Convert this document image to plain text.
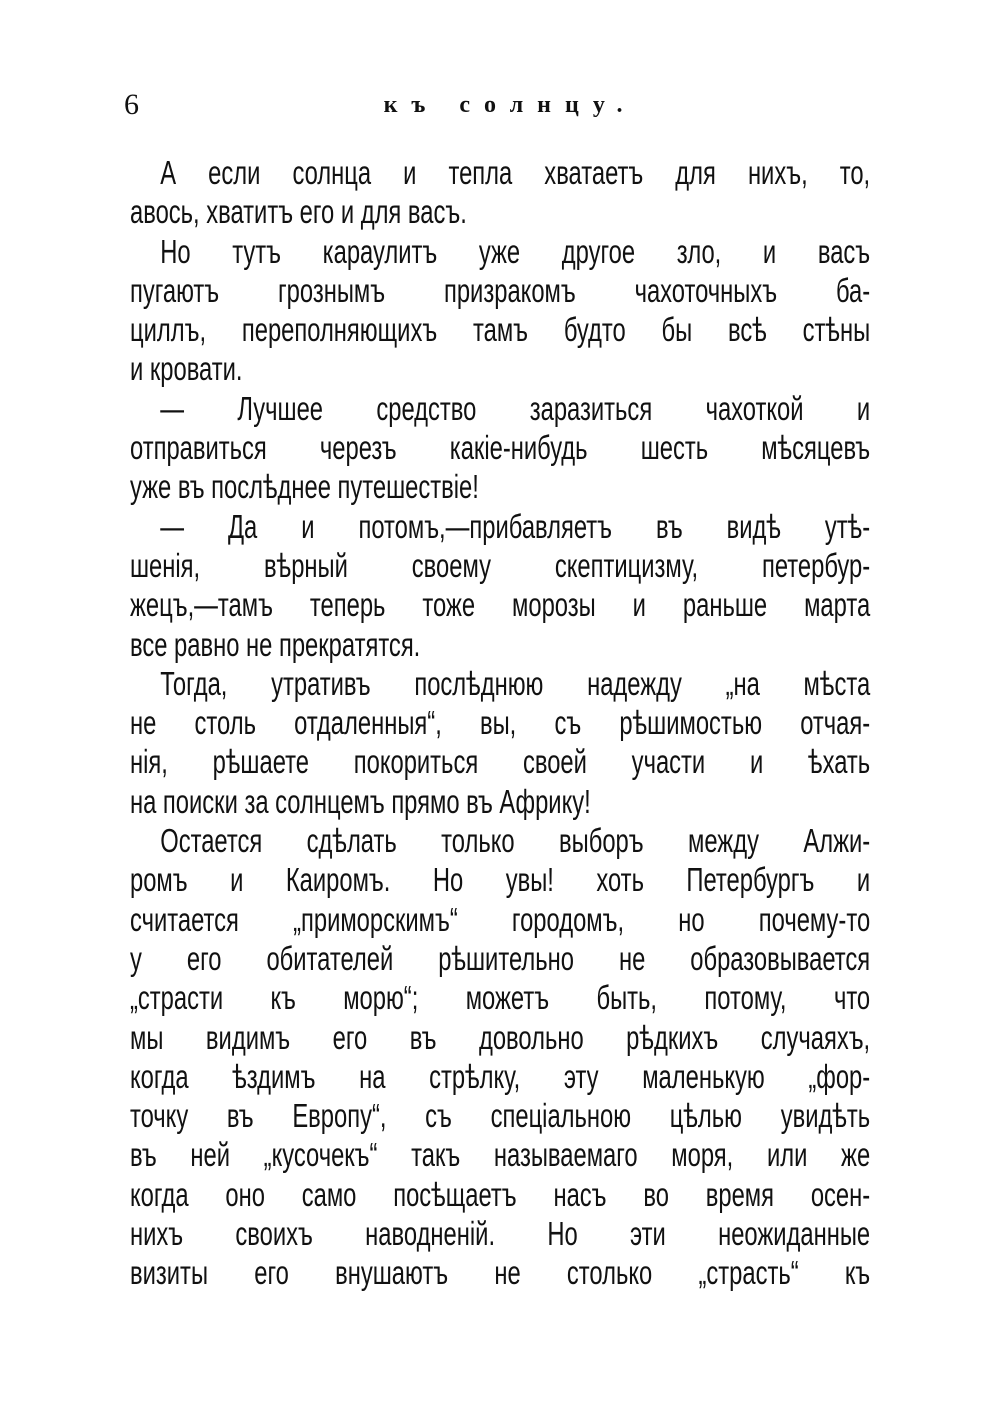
6	къ солнцу.
А если солнца и тепла хватаетъ для нихъ, то,
авось, хватитъ его и для васъ.
Но тутъ караулитъ уже другое зло, и васъ
пугаютъ грознымъ призракомъ чахоточныхъ ба-
циллъ, переполняющихъ тамъ будто бы всѣ стѣны
и кровати.
— Лучшее средство заразиться чахоткой и
отправиться черезъ какіе-нибудь шесть мѣсяцевъ
уже въ послѣднее путешествіе!
— Да и потомъ,—прибавляетъ въ видѣ утѣ-
шенія, вѣрный своему скептицизму, петербур-
жецъ,—тамъ теперь тоже морозы и раньше марта
все равно не прекратятся.
Тогда, утративъ послѣднюю надежду „на мѣста
не столь отдаленныя“, вы, съ рѣшимостью отчая-
нія, рѣшаете покориться своей участи и ѣхать
на поиски за солнцемъ прямо въ Африку!
Остается сдѣлать только выборъ между Алжи-
ромъ и Каиромъ. Но увы! хоть Петербургъ и
считается „приморскимъ“ городомъ, но почему-то
у его обитателей рѣшительно не образовывается
„страсти къ морю“; можетъ быть, потому, что
мы видимъ его въ довольно рѣдкихъ случаяхъ,
когда ѣздимъ на стрѣлку, эту маленькую „фор-
точку въ Европу“, съ спеціальною цѣлью увидѣть
въ ней „кусочекъ“ такъ называемаго моря, или же
когда оно само посѣщаетъ насъ во время осен-
нихъ своихъ наводненій. Но эти неожиданные
визиты его внушаютъ не столько „страсть“ къ
